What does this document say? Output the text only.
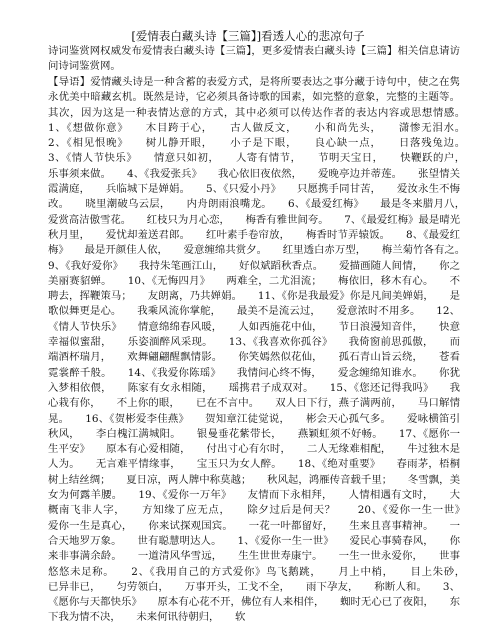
[爱情表白藏头诗【三篇】]看透人心的悲凉句子

诗词鉴赏网权威发布爱情表白藏头诗【三篇】，更多爱情表白藏头诗【三篇】相关信息请访问诗词鉴赏网。

【导语】爱情藏头诗是一种含蓄的表爱方式，是将所要表达之事分藏于诗句中，使之在隽永优美中暗藏玄机。既然是诗，它必须具备诗歌的国素，如完整的意象，完整的主题等。其次，因为这是一种表情达意的方式，其中必须可以传达作者的表达内容或思想情感。　1、《想做你意》　　木目跨于心，　　古人做反文，　　小和尚先头，　　潇惨无泪水。　　2、《相见恨晚》　　树儿静开眼，　　小子是下眼，　　良心缺一点，　　日落残兔边。　　3、《情人节快乐》　　情意只如初，　　人寄有情节，　　节明天宝日，　　快鞭跃的户，　　乐事须来做。　　4、《我爱张兵》　　我心依旧夜依然，　　爱晚亭边并蒂莲。　　张望情关霞满庭，　　兵临城下是婵娟。　　5、《只爱小丹》　　只愿携手同甘苦，　　爱汝永生不悔改。　　晓里潮破乌云层，　　内舟朗雨浪嘴龙。　　6、《最爱红梅》　　最是冬来腊月八，　　爱赏高洁傲雪花。　　红枝只为月心恋，　　梅香有雅世间夸。　　7、《最爱红梅》最是晴光秋月里，　　爱忧却羞送君郎。　　红叶素手卷帘放，　　梅香时节弄辕饭。　　8、《最爱红梅》　　最是开颜佳人依，　　爱意缠绵共赏夕。　　红里透白赤万型，　　梅兰菊竹各有之。　　9、《我好爱你》　　我持朱笔画江山，　　好似斌蹈秋香点。　　爱描画随人间情，　　你之美丽赛貂蝉。　　10、《无悔四月》　　两难全，二尤泪流；　　梅依旧，移木有心。　　不聘去，挥鞭策马；　　友朗离，乃共婵娟。　　11、《你是我最爱》你是凡间美婵娟，　　是歌似舞更是心。　　我乘风流你掌舵，　　最美不是流云过，　　爱意浓时不用多。　　12、《情人节快乐》　　情意绵绵春风暖，　　人如西施花中仙，　　节日浪漫知音伴，　　快意幸福似蜜甜，　　乐姿湎醉风采现。　　13、《我喜欢你孤谷》　　我倚窗前思孤傲，　　而端酒杯瑞月，　　欢舞翩翩醒飘情影。　　你笑嫣然似花仙，　　孤石青山旨云绕，　　苍看霓裳醉千般。　　14、《我爱你陈瑶》　　我情问心终不悔，　　爱念缠绵知谁水。　　你犹入梦相依偎，　　陈家有女永相随，　　瑶携君子成双对。　　15、《您还记得我吗》　　我心栽有你，　　不上你的眼，　　已在不言中。　　双人日下行，燕子满两前，　　马口解情晃。　　16、《贺彬爱李佳燕》　　贺知章江徒觉说，　　彬会天心孤气多。　　爱咏横笛引秋风，　　李白槐江满城阳。　　银曼垂花紫带长，　　燕颖虹须不好畅。　　17、《愿你一生平安》　　原本有心爱相随，　　付出寸心有尔时，　　二人无缘难相配，　　牛过独木是人为。　　无言难平情缘事，　　宝玉只为女人醉。　　18、《绝对重要》　　春雨茅，梧桐树上结丝绸；　　夏日凉，两人牌中称莫越；　　秋风起，鸿雁传音载千里；　　冬雪飘，美女为何露羊腰。　　19、《爱你一万年》　　友情而下永相拜，　　人情相遇有文时，　　大概南飞非人字，　　方知缘了应无点，　　除夕过后是何天？　　20、《爱你一生一世》　　爱你一生是真心，　　你来试探观国宾。　　一花一叶都留好，　　生来且喜事精神。　　一合天地罗万象。　　世有聪慧明达人。　　1、《爱你一生一世》　　爱民心事骑春风，　　你来非事满余龄。　　一道清风华雪远，　　生生世世寿康宁。　　一生一世永爱你，　　世事悠悠未足称。　　2、《我用自己的方式爱你》鸟飞鹅跳，　　月上中梢，　　目上朱砂，　　已异非已，　　匀劳领白，　　万事开头，工戈不全，　　雨下孕友，　　称断人和。　　3、《愿你与天都快乐》　　原本有心花不开，佛位有人来相伴，　　蜘时无心已了夜阳，　　东下我为情不决，　　未来何讯待朝归，　　软
